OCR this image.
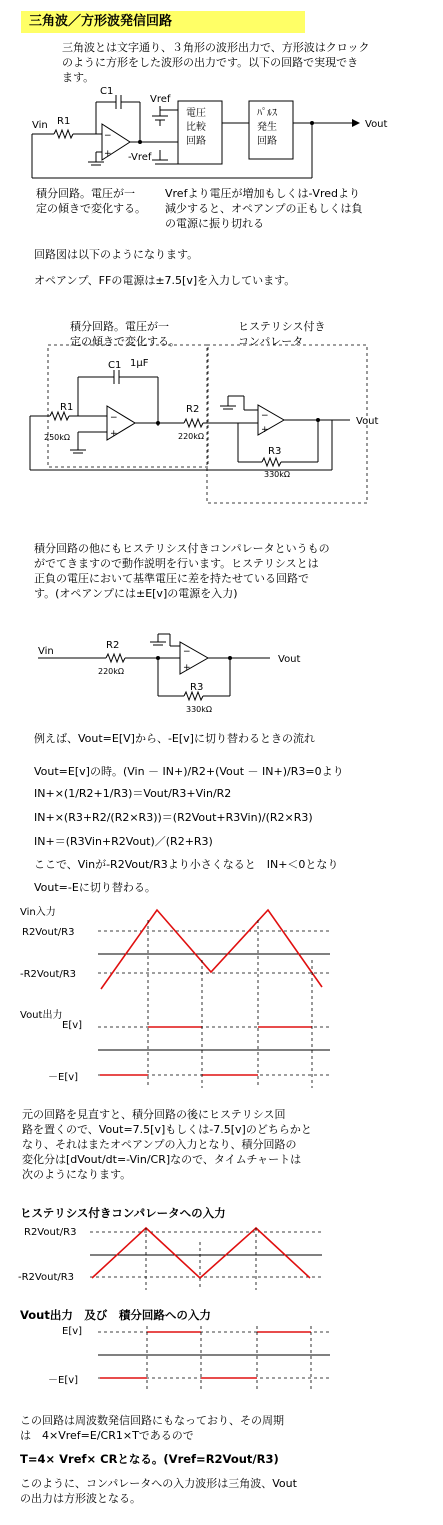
三角波／方形波発信回路
三角波とは文字通り、３角形の波形出力で、方形波はクロック
のように方形をした波形の出力です。以下の回路で実現でき
ます。
C1
Vin R1
−
+
Vref
-Vref
電圧
比較
回路
ﾊﾟﾙｽ
発生
回路
Vout
積分回路。電圧が一
定の傾きで変化する。
Vrefより電圧が増加もしくは-Vredより
減少すると、オペアンプの正もしくは負
の電源に振り切れる
回路図は以下のようになります。
オペアンプ、FFの電源は±7.5[v]を入力しています。
積分回路。電圧が一
定の傾きで変化する。
ヒステリシス付き
コンパレータ
C1 1μF
R1
250kΩ
−
+
R2
220kΩ
−
+
Vout
R3
330kΩ
積分回路の他にもヒステリシス付きコンパレータというもの
がでてきますので動作説明を行います。ヒステリシスとは
正負の電圧において基準電圧に差を持たせている回路で
す。(オペアンプには±E[v]の電源を入力)
Vin
R2
220kΩ
−
+
Vout
R3
330kΩ
例えば、Vout=E[V]から、-E[v]に切り替わるときの流れ
Vout=E[v]の時。(Vin － IN+)/R2+(Vout － IN+)/R3=0より
IN+×(1/R2+1/R3)＝Vout/R3+Vin/R2
IN+×(R3+R2/(R2×R3))＝(R2Vout+R3Vin)/(R2×R3)
IN+＝(R3Vin+R2Vout)／(R2+R3)
ここで、Vinが-R2Vout/R3より小さくなると　IN+＜0となり
Vout=-Eに切り替わる。
Vin入力
R2Vout/R3
-R2Vout/R3
Vout出力
E[v]
－E[v]
元の回路を見直すと、積分回路の後にヒステリシス回
路を置くので、Vout=7.5[v]もしくは-7.5[v]のどちらかと
なり、それはまたオペアンプの入力となり、積分回路の
変化分は[dVout/dt=-Vin/CR]なので、タイムチャートは
次のようになります。
ヒステリシス付きコンパレータへの入力
R2Vout/R3
-R2Vout/R3
Vout出力　及び　積分回路への入力
E[v]
－E[v]
この回路は周波数発信回路にもなっており、その周期
は　4×Vref=E/CR1×Tであるので
T=4× Vref× CRとなる。(Vref=R2Vout/R3)
このように、コンパレータへの入力波形は三角波、Vout
の出力は方形波となる。
